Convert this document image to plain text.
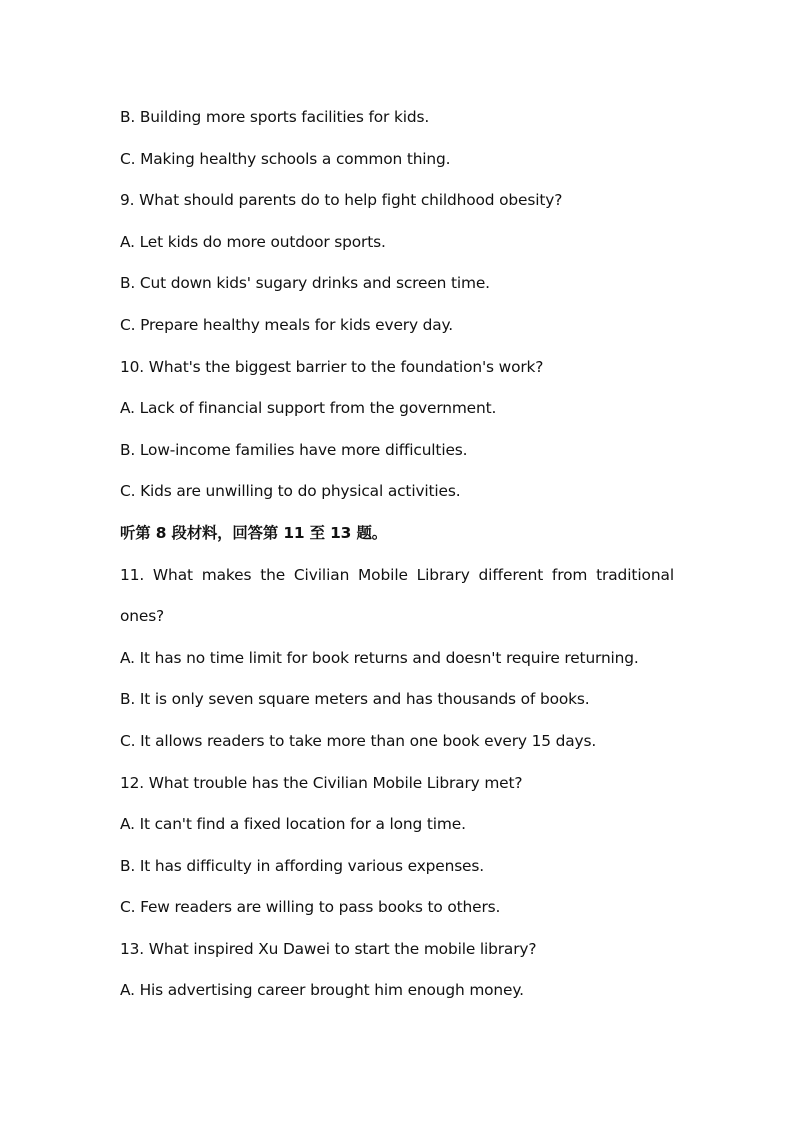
B. Building more sports facilities for kids.
C. Making healthy schools a common thing.
9. What should parents do to help fight childhood obesity?
A. Let kids do more outdoor sports.
B. Cut down kids' sugary drinks and screen time.
C. Prepare healthy meals for kids every day.
10. What's the biggest barrier to the foundation's work?
A. Lack of financial support from the government.
B. Low-income families have more difficulties.
C. Kids are unwilling to do physical activities.
听第 8 段材料，回答第 11 至 13 题。
11. What makes the Civilian Mobile Library different from traditional
ones?
A. It has no time limit for book returns and doesn't require returning.
B. It is only seven square meters and has thousands of books.
C. It allows readers to take more than one book every 15 days.
12. What trouble has the Civilian Mobile Library met?
A. It can't find a fixed location for a long time.
B. It has difficulty in affording various expenses.
C. Few readers are willing to pass books to others.
13. What inspired Xu Dawei to start the mobile library?
A. His advertising career brought him enough money.
